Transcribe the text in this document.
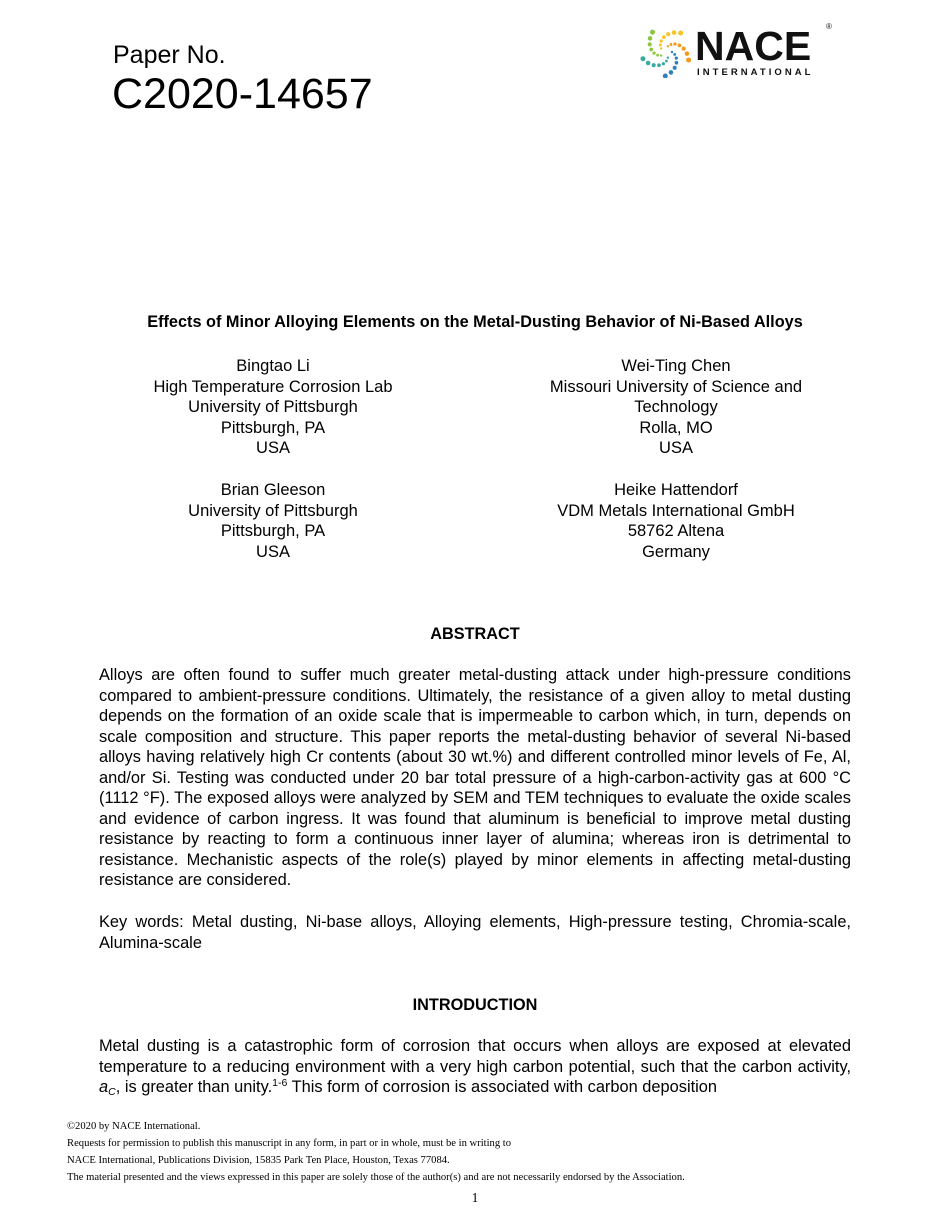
Paper No.
C2020-14657
NACE ®
INTERNATIONAL
Effects of Minor Alloying Elements on the Metal-Dusting Behavior of Ni-Based Alloys
Bingtao Li
High Temperature Corrosion Lab
University of Pittsburgh
Pittsburgh, PA
USA
Wei-Ting Chen
Missouri University of Science and
Technology
Rolla, MO
USA
Brian Gleeson
University of Pittsburgh
Pittsburgh, PA
USA
Heike Hattendorf
VDM Metals International GmbH
58762 Altena
Germany
ABSTRACT
Alloys are often found to suffer much greater metal-dusting attack under high-pressure conditions compared to ambient-pressure conditions. Ultimately, the resistance of a given alloy to metal dusting depends on the formation of an oxide scale that is impermeable to carbon which, in turn, depends on scale composition and structure. This paper reports the metal-dusting behavior of several Ni-based alloys having relatively high Cr contents (about 30 wt.%) and different controlled minor levels of Fe, Al, and/or Si. Testing was conducted under 20 bar total pressure of a high-carbon-activity gas at 600 °C (1112 °F). The exposed alloys were analyzed by SEM and TEM techniques to evaluate the oxide scales and evidence of carbon ingress. It was found that aluminum is beneficial to improve metal dusting resistance by reacting to form a continuous inner layer of alumina; whereas iron is detrimental to resistance. Mechanistic aspects of the role(s) played by minor elements in affecting metal-dusting resistance are considered.
Key words: Metal dusting, Ni-base alloys, Alloying elements, High-pressure testing, Chromia-scale, Alumina-scale
INTRODUCTION
Metal dusting is a catastrophic form of corrosion that occurs when alloys are exposed at elevated temperature to a reducing environment with a very high carbon potential, such that the carbon activity, $a_C$, is greater than unity.$^{1-6}$ This form of corrosion is associated with carbon deposition
©2020 by NACE International.
Requests for permission to publish this manuscript in any form, in part or in whole, must be in writing to
NACE International, Publications Division, 15835 Park Ten Place, Houston, Texas 77084.
The material presented and the views expressed in this paper are solely those of the author(s) and are not necessarily endorsed by the Association.
1
